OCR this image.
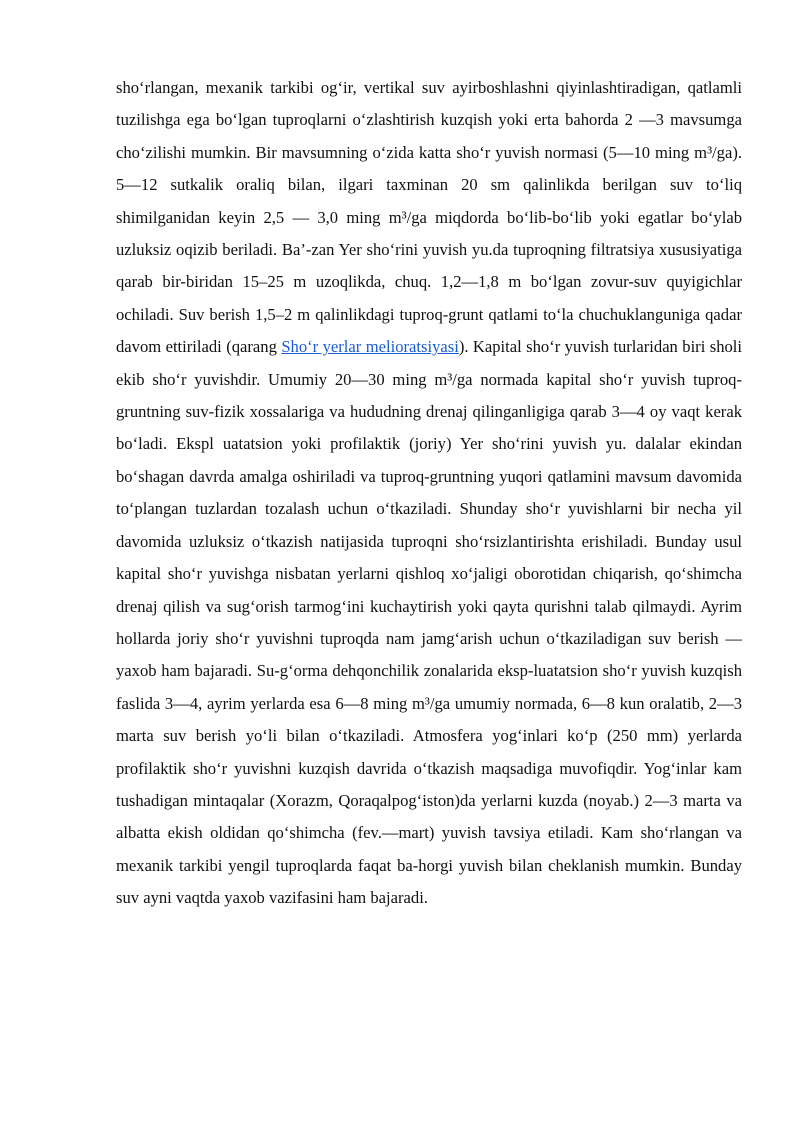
sho‘rlangan, mexanik tarkibi og‘ir, vertikal suv ayirboshlashni qiyinlashtiradigan, qatlamli tuzilishga ega bo‘lgan tuproqlarni o‘zlashtirish kuzqish yoki erta bahorda 2 —3 mavsumga cho‘zilishi mumkin. Bir mavsumning o‘zida katta sho‘r yuvish normasi (5—10 ming m³/ga). 5—12 sutkalik oraliq bilan, ilgari taxminan 20 sm qalinlikda berilgan suv to‘liq shimilganidan keyin 2,5 — 3,0 ming m³/ga miqdorda bo‘lib-bo‘lib yoki egatlar bo‘ylab uzluksiz oqizib beriladi. Ba’-zan Yer sho‘rini yuvish yu.da tuproqning filtratsiya xususiyatiga qarab bir-biridan 15–25 m uzoqlikda, chuq. 1,2—1,8 m bo‘lgan zovur-suv quyigichlar ochiladi. Suv berish 1,5–2 m qalinlikdagi tuproq-grunt qatlami to‘la chuchuklanguniga qadar davom ettiriladi (qarang Sho‘r yerlar melioratsiyasi). Kapital sho‘r yuvish turlaridan biri sholi ekib sho‘r yuvishdir. Umumiy 20—30 ming m³/ga normada kapital sho‘r yuvish tuproq-gruntning suv-fizik xossalariga va hududning drenaj qilinganligiga qarab 3—4 oy vaqt kerak bo‘ladi. Ekspl uatatsion yoki profilaktik (joriy) Yer sho‘rini yuvish yu. dalalar ekindan bo‘shagan davrda amalga oshiriladi va tuproq-gruntning yuqori qatlamini mavsum davomida to‘plangan tuzlardan tozalash uchun o‘tkaziladi. Shunday sho‘r yuvishlarni bir necha yil davomida uzluksiz o‘tkazish natijasida tuproqni sho‘rsizlantirishta erishiladi. Bunday usul kapital sho‘r yuvishga nisbatan yerlarni qishloq xo‘jaligi oborotidan chiqarish, qo‘shimcha drenaj qilish va sug‘orish tarmog‘ini kuchaytirish yoki qayta qurishni talab qilmaydi. Ayrim hollarda joriy sho‘r yuvishni tuproqda nam jamg‘arish uchun o‘tkaziladigan suv berish — yaxob ham bajaradi. Su-g‘orma dehqonchilik zonalarida eksp-luatatsion sho‘r yuvish kuzqish faslida 3—4, ayrim yerlarda esa 6—8 ming m³/ga umumiy normada, 6—8 kun oralatib, 2—3 marta suv berish yo‘li bilan o‘tkaziladi. Atmosfera yog‘inlari ko‘p (250 mm) yerlarda profilaktik sho‘r yuvishni kuzqish davrida o‘tkazish maqsadiga muvofiqdir. Yog‘inlar kam tushadigan mintaqalar (Xorazm, Qoraqalpog‘iston)da yerlarni kuzda (noyab.) 2—3 marta va albatta ekish oldidan qo‘shimcha (fev.—mart) yuvish tavsiya etiladi. Kam sho‘rlangan va mexanik tarkibi yengil tuproqlarda faqat ba-horgi yuvish bilan cheklanish mumkin. Bunday suv ayni vaqtda yaxob vazifasini ham bajaradi.
